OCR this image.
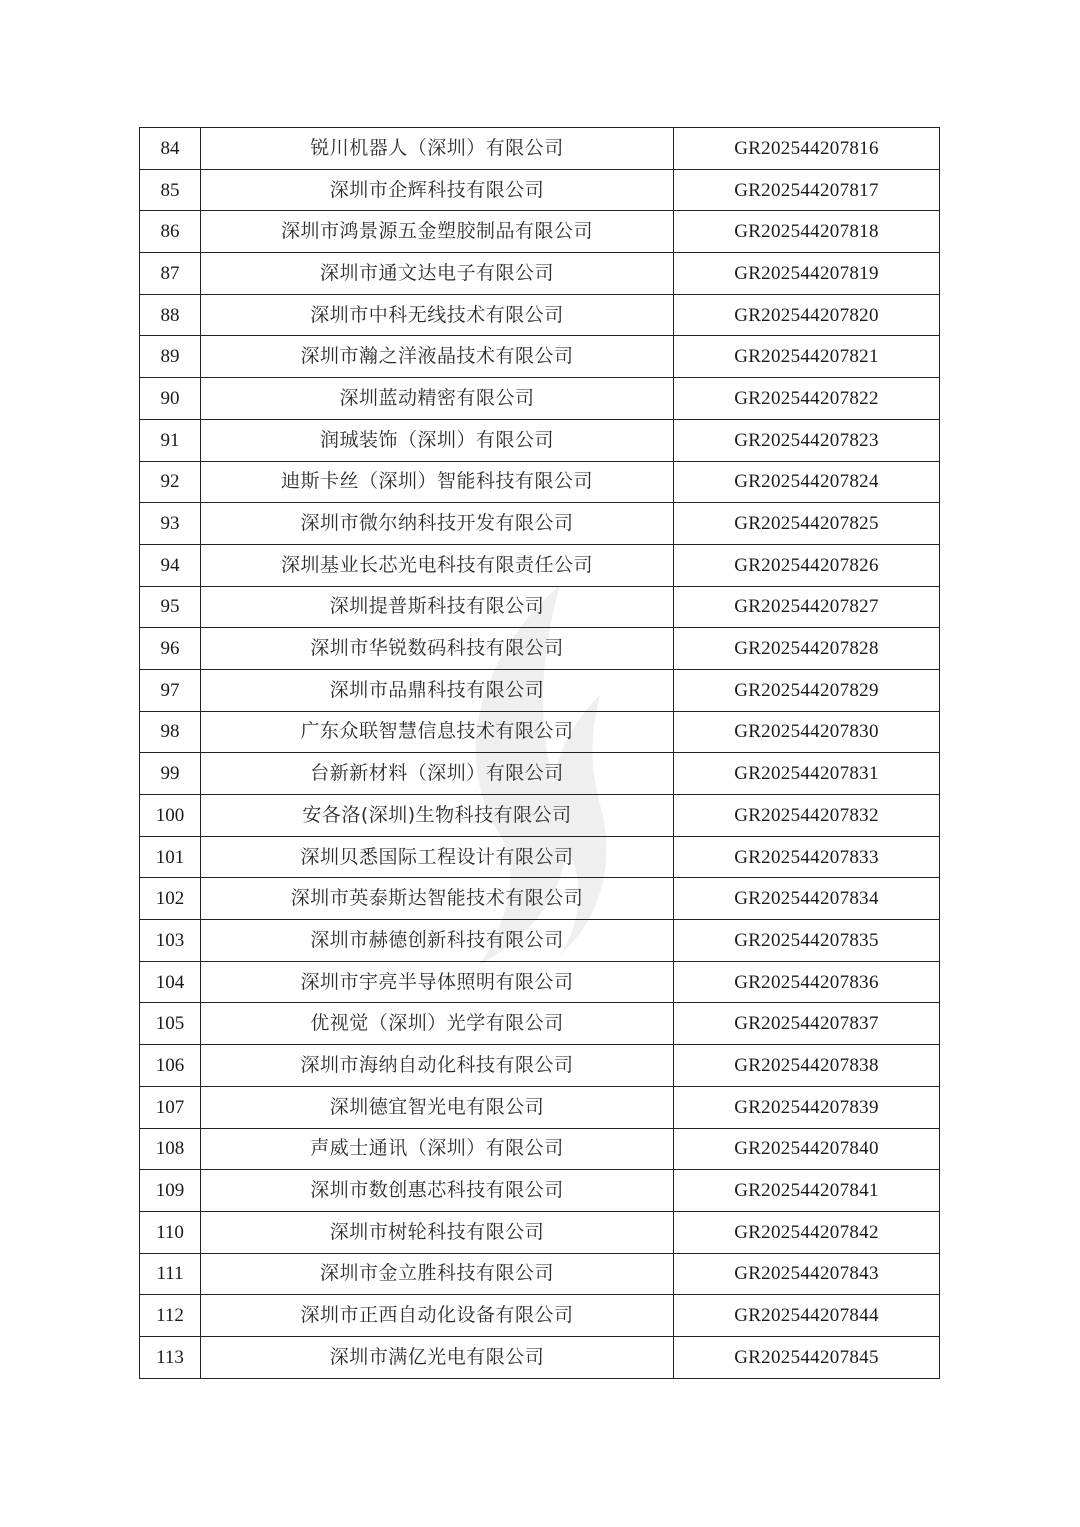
84	锐川机器人（深圳）有限公司	GR202544207816
85	深圳市企辉科技有限公司	GR202544207817
86	深圳市鸿景源五金塑胶制品有限公司	GR202544207818
87	深圳市通文达电子有限公司	GR202544207819
88	深圳市中科无线技术有限公司	GR202544207820
89	深圳市瀚之洋液晶技术有限公司	GR202544207821
90	深圳蓝动精密有限公司	GR202544207822
91	润珹装饰（深圳）有限公司	GR202544207823
92	迪斯卡丝（深圳）智能科技有限公司	GR202544207824
93	深圳市微尔纳科技开发有限公司	GR202544207825
94	深圳基业长芯光电科技有限责任公司	GR202544207826
95	深圳提普斯科技有限公司	GR202544207827
96	深圳市华锐数码科技有限公司	GR202544207828
97	深圳市品鼎科技有限公司	GR202544207829
98	广东众联智慧信息技术有限公司	GR202544207830
99	台新新材料（深圳）有限公司	GR202544207831
100	安各洛(深圳)生物科技有限公司	GR202544207832
101	深圳贝悉国际工程设计有限公司	GR202544207833
102	深圳市英泰斯达智能技术有限公司	GR202544207834
103	深圳市赫德创新科技有限公司	GR202544207835
104	深圳市宇亮半导体照明有限公司	GR202544207836
105	优视觉（深圳）光学有限公司	GR202544207837
106	深圳市海纳自动化科技有限公司	GR202544207838
107	深圳德宜智光电有限公司	GR202544207839
108	声威士通讯（深圳）有限公司	GR202544207840
109	深圳市数创惠芯科技有限公司	GR202544207841
110	深圳市树轮科技有限公司	GR202544207842
111	深圳市金立胜科技有限公司	GR202544207843
112	深圳市正西自动化设备有限公司	GR202544207844
113	深圳市满亿光电有限公司	GR202544207845
